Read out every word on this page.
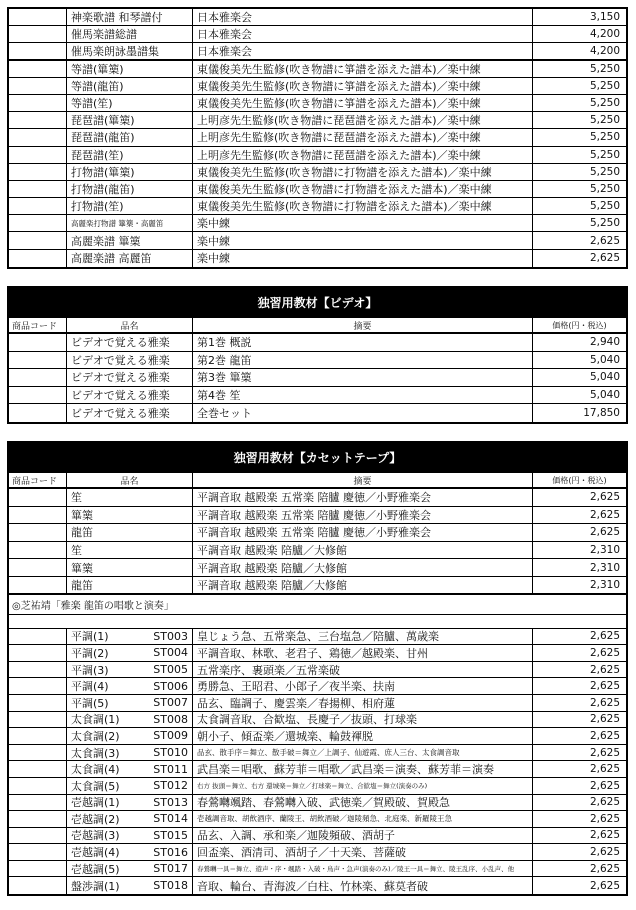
神楽歌譜 和琴譜付	日本雅楽会	3,150
催馬楽譜総譜	日本雅楽会	4,200
催馬楽朗詠墨譜集	日本雅楽会	4,200
等譜(篳篥)	東儀俊美先生監修(吹き物譜に箏譜を添えた譜本)／楽中練	5,250
等譜(龍笛)	東儀俊美先生監修(吹き物譜に箏譜を添えた譜本)／楽中練	5,250
等譜(笙)	東儀俊美先生監修(吹き物譜に箏譜を添えた譜本)／楽中練	5,250
琵琶譜(篳篥)	上明彦先生監修(吹き物譜に琵琶譜を添えた譜本)／楽中練	5,250
琵琶譜(龍笛)	上明彦先生監修(吹き物譜に琵琶譜を添えた譜本)／楽中練	5,250
琵琶譜(笙)	上明彦先生監修(吹き物譜に琵琶譜を添えた譜本)／楽中練	5,250
打物譜(篳篥)	東儀俊美先生監修(吹き物譜に打物譜を添えた譜本)／楽中練	5,250
打物譜(龍笛)	東儀俊美先生監修(吹き物譜に打物譜を添えた譜本)／楽中練	5,250
打物譜(笙)	東儀俊美先生監修(吹き物譜に打物譜を添えた譜本)／楽中練	5,250
高麗楽打物譜 篳篥・高麗笛	楽中練	5,250
高麗楽譜 篳篥	楽中練	2,625
高麗楽譜 高麗笛	楽中練	2,625
独習用教材【ビデオ】
商品コード	品名	摘要	価格(円・税込)
ビデオで覚える雅楽	第1巻 概説	2,940
ビデオで覚える雅楽	第2巻 龍笛	5,040
ビデオで覚える雅楽	第3巻 篳篥	5,040
ビデオで覚える雅楽	第4巻 笙	5,040
ビデオで覚える雅楽	全巻セット	17,850
独習用教材【カセットテープ】
商品コード	品名	摘要	価格(円・税込)
笙	平調音取 越殿楽 五常楽 陪臚 慶徳／小野雅楽会	2,625
篳篥	平調音取 越殿楽 五常楽 陪臚 慶徳／小野雅楽会	2,625
龍笛	平調音取 越殿楽 五常楽 陪臚 慶徳／小野雅楽会	2,625
笙	平調音取 越殿楽 陪臚／大修館	2,310
篳篥	平調音取 越殿楽 陪臚／大修館	2,310
龍笛	平調音取 越殿楽 陪臚／大修館	2,310
◎芝祐靖「雅楽 龍笛の唱歌と演奏」
平調(1)	ST003 皇じょう急、五常楽急、三台塩急／陪臚、萬歳楽	2,625
平調(2)	ST004 平調音取、林歌、老君子、鶏徳／越殿楽、甘州	2,625
平調(3)	ST005 五常楽序、裹頭楽／五常楽破	2,625
平調(4)	ST006 勇勝急、王昭君、小郎子／夜半楽、扶南	2,625
平調(5)	ST007 品玄、臨調子、慶雲楽／春揚柳、相府蓮	2,625
太食調(1)	ST008 太食調音取、合歓塩、長慶子／抜頭、打球楽	2,625
太食調(2)	ST009 朝小子、傾盃楽／還城楽、輪鼓褌脱	2,625
太食調(3)	ST010	品玄、散手序＝舞立、散手破＝舞立／上調子、仙遊霞、庶人三台、太食調音取	2,625
太食調(4)	ST011 武昌楽＝唱歌、蘇芳菲＝唱歌／武昌楽＝演奏、蘇芳菲＝演奏	2,625
太食調(5)	ST012	右方 抜頭＝舞立、右方 還城楽＝舞立／打球楽＝舞立、合歓塩＝舞立(演奏のみ)	2,625
壱越調(1)	ST013 春鶯囀颯踏、春鶯囀入破、武徳楽／賀殿破、賀殿急	2,625
壱越調(2)	ST014	壱越調音取、胡飲酒序、蘭陵王、胡飲酒破／迦陵頻急、北庭楽、新羅陵王急	2,625
壱越調(3)	ST015 品玄、入調、承和楽／迦陵頻破、酒胡子	2,625
壱越調(4)	ST016 回盃楽、酒清司、酒胡子／十天楽、菩薩破	2,625
壱越調(5)	ST017	春鶯囀一具＝舞立、遊声・序・颯踏・入破・鳥声・急声(演奏のみ)／陵王一具＝舞立、陵王乱序、小乱声、他	2,625
盤渉調(1)	ST018 音取、輪台、青海波／白柱、竹林楽、蘇莫者破	2,625
